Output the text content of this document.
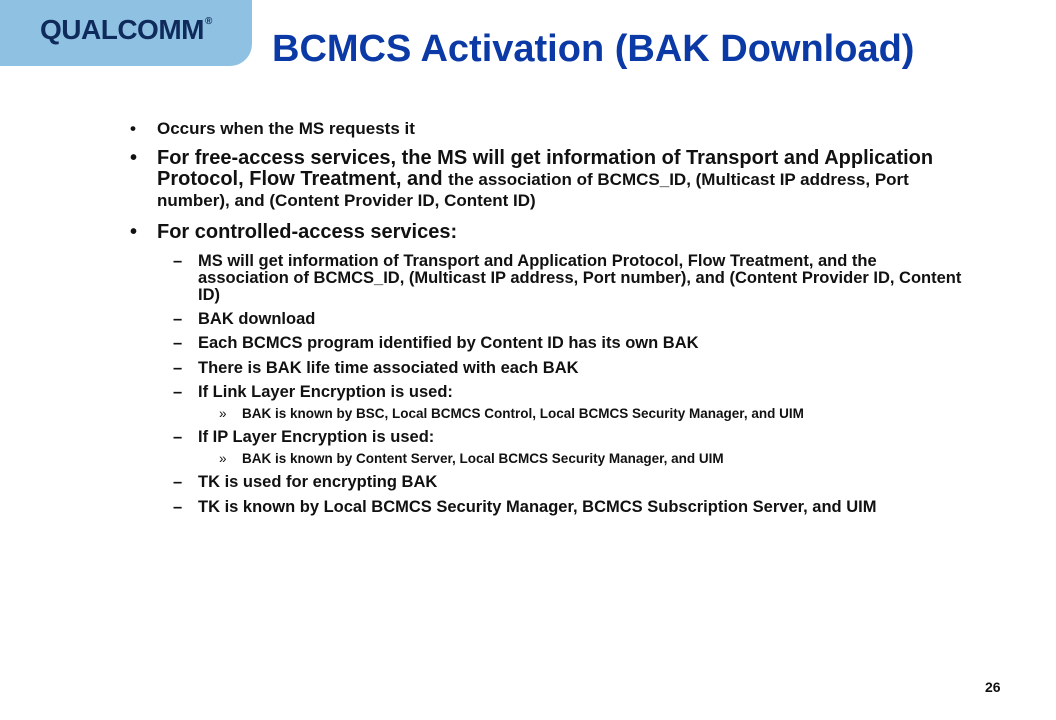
QUALCOMM®
BCMCS Activation (BAK Download)
• Occurs when the MS requests it
• For free-access services, the MS will get information of Transport and Application Protocol, Flow Treatment, and the association of BCMCS_ID, (Multicast IP address, Port number), and (Content Provider ID, Content ID)
• For controlled-access services:
– MS will get information of Transport and Application Protocol, Flow Treatment, and the association of BCMCS_ID, (Multicast IP address, Port number), and (Content Provider ID, Content ID)
– BAK download
– Each BCMCS program identified by Content ID has its own BAK
– There is BAK life time associated with each BAK
– If Link Layer Encryption is used:
» BAK is known by BSC, Local BCMCS Control, Local BCMCS Security Manager, and UIM
– If IP Layer Encryption is used:
» BAK is known by Content Server, Local BCMCS Security Manager, and UIM
– TK is used for encrypting BAK
– TK is known by Local BCMCS Security Manager, BCMCS Subscription Server, and UIM
26
